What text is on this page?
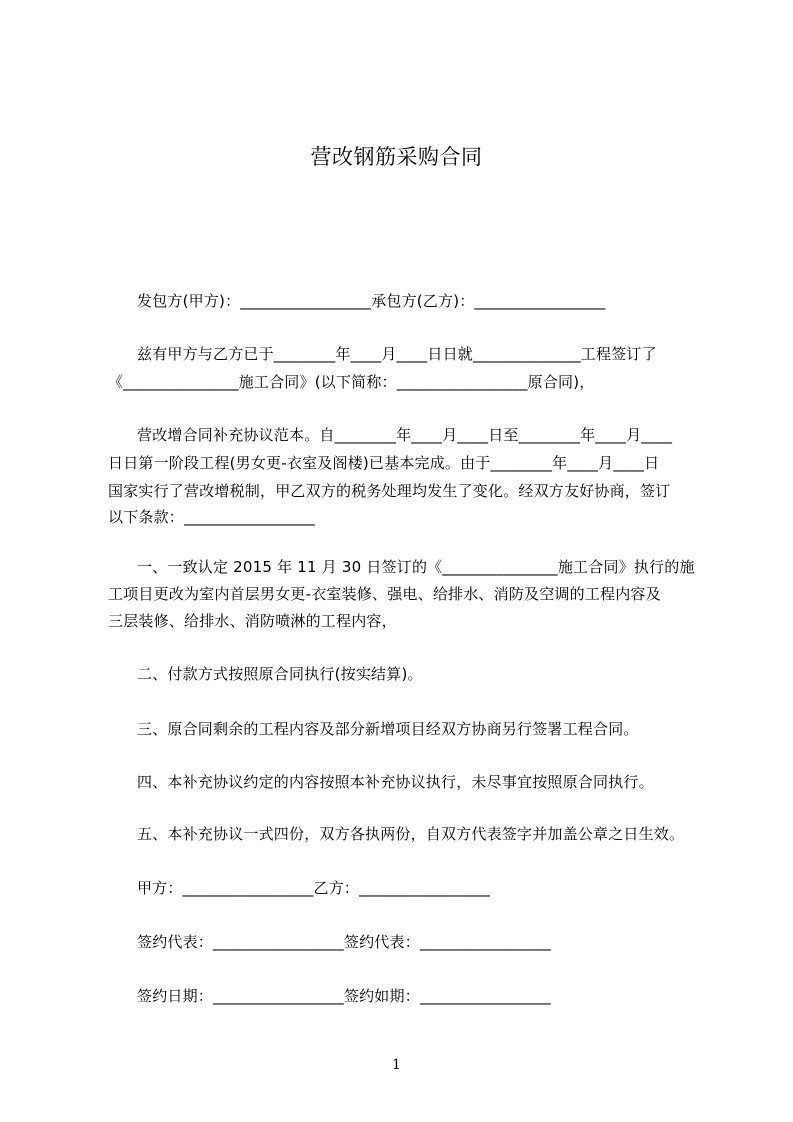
营改钢筋采购合同
发包方(甲方)：_________________承包方(乙方)：_________________
兹有甲方与乙方已于________年____月____日日就______________工程签订了
《_______________施工合同》(以下简称：_________________原合同)，
营改增合同补充协议范本。自________年____月____日至________年____月____
日日第一阶段工程(男女更-衣室及阁楼)已基本完成。由于________年____月____日
国家实行了营改增税制，甲乙双方的税务处理均发生了变化。经双方友好协商，签订
以下条款：_________________
一、一致认定 2015 年 11 月 30 日签订的《_______________施工合同》执行的施
工项目更改为室内首层男女更-衣室装修、强电、给排水、消防及空调的工程内容及
三层装修、给排水、消防喷淋的工程内容，
二、付款方式按照原合同执行(按实结算)。
三、原合同剩余的工程内容及部分新增项目经双方协商另行签署工程合同。
四、本补充协议约定的内容按照本补充协议执行，未尽事宜按照原合同执行。
五、本补充协议一式四份，双方各执两份，自双方代表签字并加盖公章之日生效。
甲方：_________________乙方：_________________
签约代表：_________________签约代表：_________________
签约日期：_________________签约如期：_________________
1
